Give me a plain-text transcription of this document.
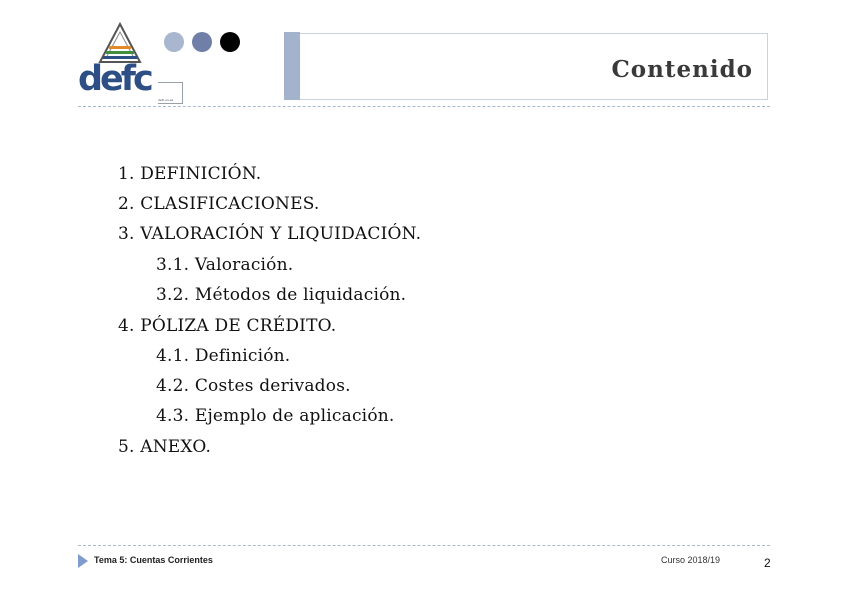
defc
defc.uv.es
Contenido
1. DEFINICIÓN.
2. CLASIFICACIONES.
3. VALORACIÓN Y LIQUIDACIÓN.
3.1. Valoración.
3.2. Métodos de liquidación.
4. PÓLIZA DE CRÉDITO.
4.1. Definición.
4.2. Costes derivados.
4.3. Ejemplo de aplicación.
5. ANEXO.
Tema 5: Cuentas Corrientes	Curso 2018/19	2
